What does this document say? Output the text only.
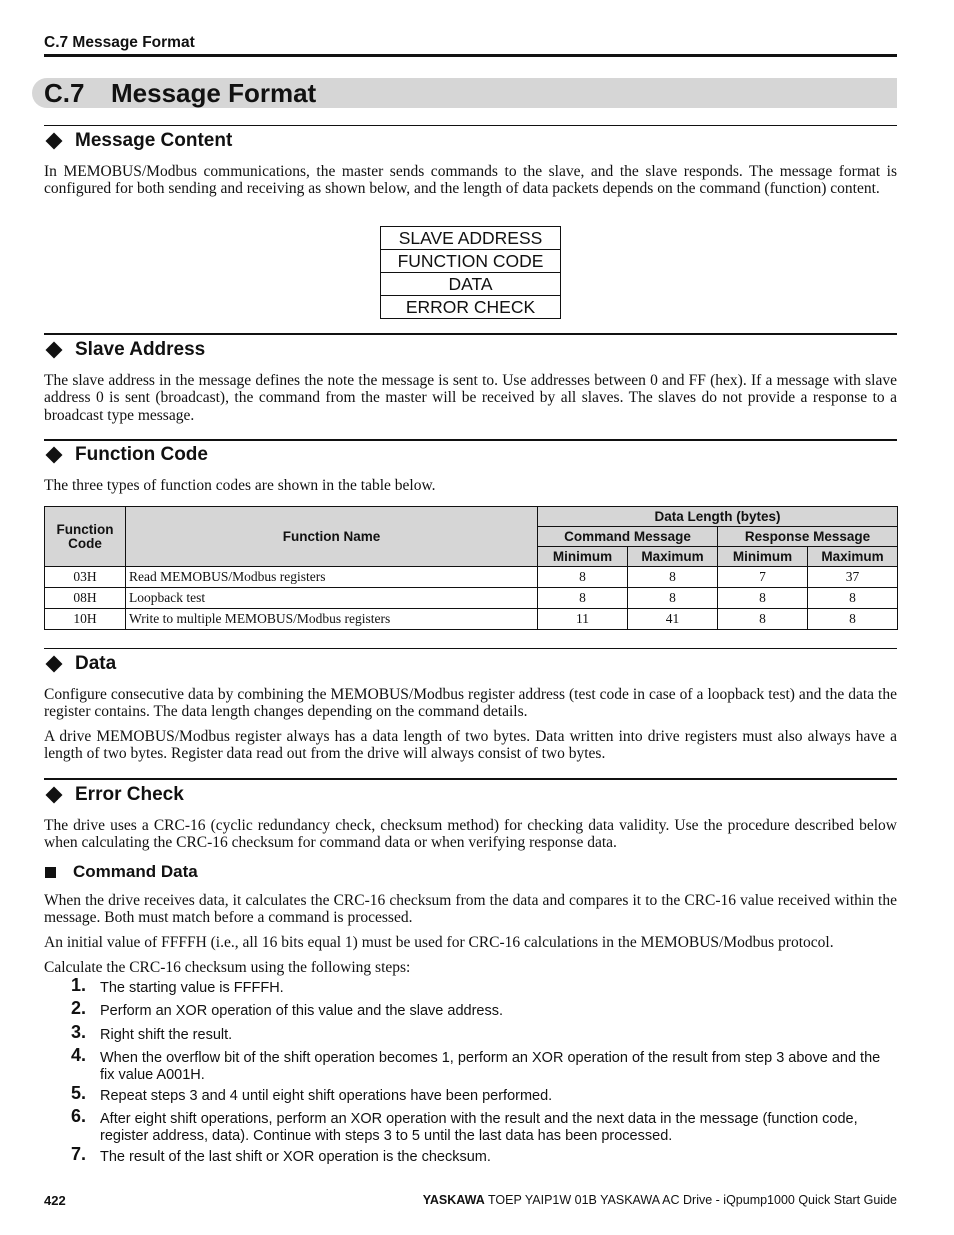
C.7 Message Format
C.7 Message Format
Message Content

In MEMOBUS/Modbus communications, the master sends commands to the slave, and the slave responds. The message format is configured for both sending and receiving as shown below, and the length of data packets depends on the command (function) content.

SLAVE ADDRESS
FUNCTION CODE
DATA
ERROR CHECK
Slave Address

The slave address in the message defines the note the message is sent to. Use addresses between 0 and FF (hex). If a message with slave address 0 is sent (broadcast), the command from the master will be received by all slaves. The slaves do not provide a response to a broadcast type message.

Function Code

The three types of function codes are shown in the table below.

Function Code	Function Name	Data Length (bytes)			
		Command Message		Response Message	
		Minimum	Maximum	Minimum	Maximum
03H	Read MEMOBUS/Modbus registers	8	8	7	37
08H	Loopback test	8	8	8	8
10H	Write to multiple MEMOBUS/Modbus registers	11	41	8	8
Data

Configure consecutive data by combining the MEMOBUS/Modbus register address (test code in case of a loopback test) and the data the register contains. The data length changes depending on the command details.

A drive MEMOBUS/Modbus register always has a data length of two bytes. Data written into drive registers must also always have a length of two bytes. Register data read out from the drive will always consist of two bytes.

Error Check

The drive uses a CRC-16 (cyclic redundancy check, checksum method) for checking data validity. Use the procedure described below when calculating the CRC-16 checksum for command data or when verifying response data.

Command Data

When the drive receives data, it calculates the CRC-16 checksum from the data and compares it to the CRC-16 value received within the message. Both must match before a command is processed.

An initial value of FFFFH (i.e., all 16 bits equal 1) must be used for CRC-16 calculations in the MEMOBUS/Modbus protocol.

Calculate the CRC-16 checksum using the following steps:

1. The starting value is FFFFH.
2. Perform an XOR operation of this value and the slave address.
3. Right shift the result.
4. When the overflow bit of the shift operation becomes 1, perform an XOR operation of the result from step 3 above and the fix value A001H.
5. Repeat steps 3 and 4 until eight shift operations have been performed.
6. After eight shift operations, perform an XOR operation with the result and the next data in the message (function code, register address, data). Continue with steps 3 to 5 until the last data has been processed.
7. The result of the last shift or XOR operation is the checksum.
422	YASKAWA TOEP YAIP1W 01B YASKAWA AC Drive - iQpump1000 Quick Start Guide
